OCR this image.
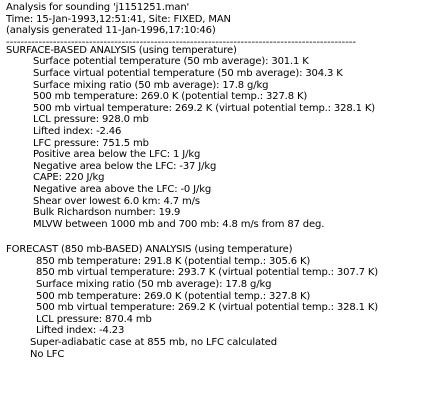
Analysis for sounding 'j1151251.man'
Time: 15-Jan-1993,12:51:41, Site: FIXED, MAN
(analysis generated 11-Jan-1996,17:10:46)
-------------------------------------------------------------------------------------------------
SURFACE-BASED ANALYSIS (using temperature)
Surface potential temperature (50 mb average): 301.1 K
Surface virtual potential temperature (50 mb average): 304.3 K
Surface mixing ratio (50 mb average): 17.8 g/kg
500 mb temperature: 269.0 K (potential temp.: 327.8 K)
500 mb virtual temperature: 269.2 K (virtual potential temp.: 328.1 K)
LCL pressure: 928.0 mb
Lifted index: -2.46
LFC pressure: 751.5 mb
Positive area below the LFC: 1 J/kg
Negative area below the LFC: -37 J/kg
CAPE: 220 J/kg
Negative area above the LFC: -0 J/kg
Shear over lowest 6.0 km: 4.7 m/s
Bulk Richardson number: 19.9
MLVW between 1000 mb and 700 mb: 4.8 m/s from 87 deg.
FORECAST (850 mb-BASED) ANALYSIS (using temperature)
850 mb temperature: 291.8 K (potential temp.: 305.6 K)
850 mb virtual temperature: 293.7 K (virtual potential temp.: 307.7 K)
Surface mixing ratio (50 mb average): 17.8 g/kg
500 mb temperature: 269.0 K (potential temp.: 327.8 K)
500 mb virtual temperature: 269.2 K (virtual potential temp.: 328.1 K)
LCL pressure: 870.4 mb
Lifted index: -4.23
Super-adiabatic case at 855 mb, no LFC calculated
No LFC
